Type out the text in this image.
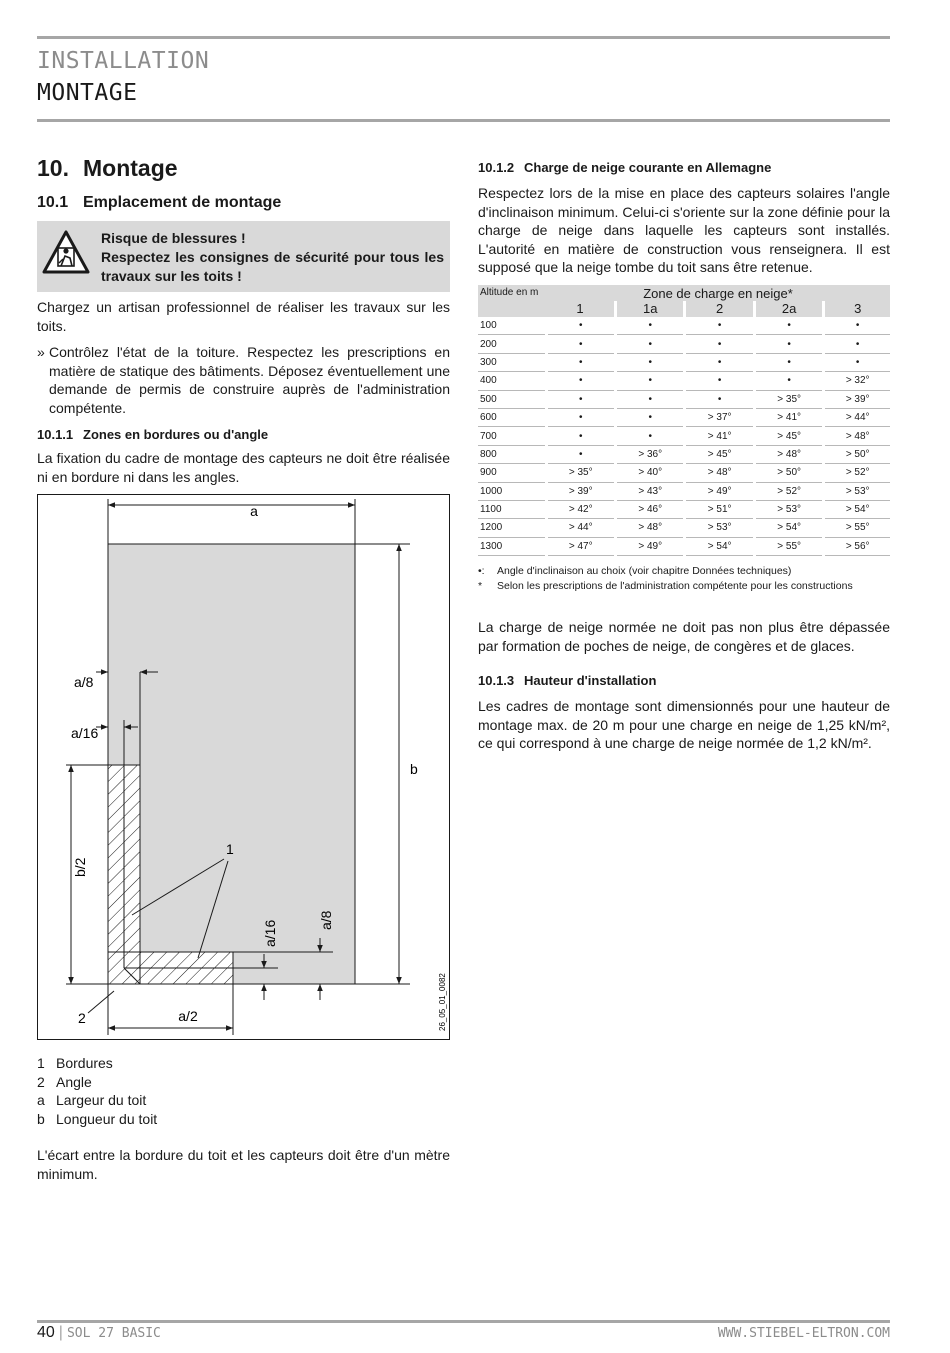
INSTALLATION
MONTAGE
10. Montage
10.1 Emplacement de montage
Risque de blessures !
Respectez les consignes de sécurité pour tous les travaux sur les toits !

Chargez un artisan professionnel de réaliser les travaux sur les toits.

» Contrôlez l'état de la toiture. Respectez les prescriptions en matière de statique des bâtiments. Déposez éventuellement une demande de permis de construire auprès de l'administration compétente.
10.1.1 Zones en bordures ou d'angle

La fixation du cadre de montage des capteurs ne doit être réalisée ni en bordure ni dans les angles.

a
b
a/8
a/16
b/2
1
2	a/2
a/16	a/8
26_05_01_0082
1 Bordures
2 Angle
a Largeur du toit
b Longueur du toit

L'écart entre la bordure du toit et les capteurs doit être d'un mètre minimum.

10.1.2 Charge de neige courante en Allemagne

Respectez lors de la mise en place des capteurs solaires l'angle d'inclinaison minimum. Celui-ci s'oriente sur la zone définie pour la charge de neige dans laquelle les capteurs sont installés. L'autorité en matière de construction vous renseignera. Il est supposé que la neige tombe du toit sans être retenue.

Altitude en m	Zone de charge en neige*				
	1	1a	2	2a	3
100	•	•	•	•	•
200	•	•	•	•	•
300	•	•	•	•	•
400	•	•	•	•	> 32°
500	•	•	•	> 35°	> 39°
600	•	•	> 37°	> 41°	> 44°
700	•	•	> 41°	> 45°	> 48°
800	•	> 36°	> 45°	> 48°	> 50°
900	> 35°	> 40°	> 48°	> 50°	> 52°
1000	> 39°	> 43°	> 49°	> 52°	> 53°
1100	> 42°	> 46°	> 51°	> 53°	> 54°
1200	> 44°	> 48°	> 53°	> 54°	> 55°
1300	> 47°	> 49°	> 54°	> 55°	> 56°
•:	Angle d'inclinaison au choix (voir chapitre Données techniques)
*	Selon les prescriptions de l'administration compétente pour les constructions

La charge de neige normée ne doit pas non plus être dépassée par formation de poches de neige, de congères et de glaces.

10.1.3 Hauteur d'installation

Les cadres de montage sont dimensionnés pour une hauteur de montage max. de 20 m pour une charge en neige de 1,25 kN/m², ce qui correspond à une charge de neige normée de 1,2 kN/m².

40 | SOL 27 BASIC	WWW.STIEBEL-ELTRON.COM
